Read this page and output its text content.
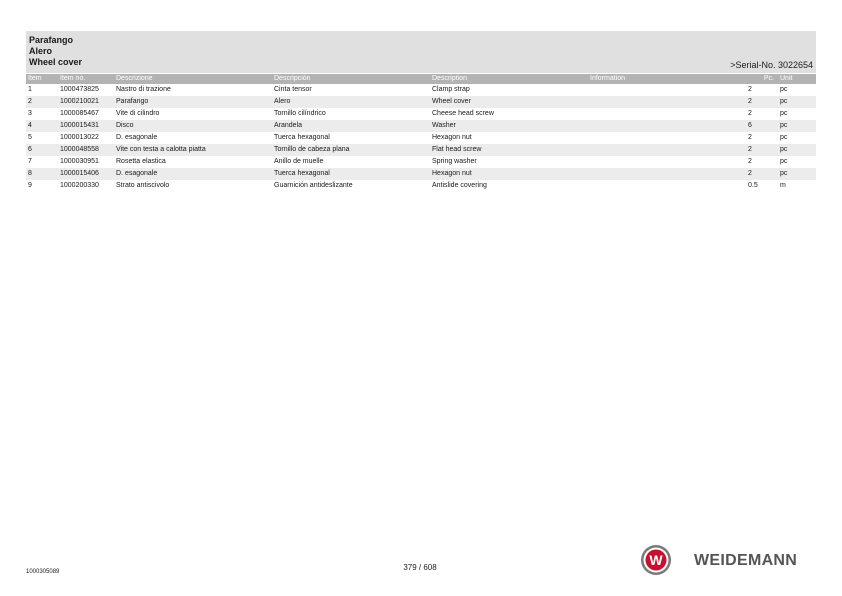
Parafango
Alero
Wheel cover	>Serial-No. 3022654
Item	Item no.	Descrizione	Descripción	Description	Information	Pc.	Unit
1	1000473825	Nastro di trazione	Cinta tensor	Clamp strap		2	pc
2	1000210021	Parafango	Alero	Wheel cover		2	pc
3	1000085467	Vite di cilindro	Tornillo cilíndrico	Cheese head screw		2	pc
4	1000015431	Disco	Arandela	Washer		6	pc
5	1000013022	D. esagonale	Tuerca hexagonal	Hexagon nut		2	pc
6	1000048558	Vite con testa a calotta piatta	Tornillo de cabeza plana	Flat head screw		2	pc
7	1000030951	Rosetta elastica	Anillo de muelle	Spring washer		2	pc
8	1000015406	D. esagonale	Tuerca hexagonal	Hexagon nut		2	pc
9	1000200330	Strato antiscivolo	Guarnición antideslizante	Antislide covering		0.5	m
1000305089	379 / 608	W WEIDEMANN
